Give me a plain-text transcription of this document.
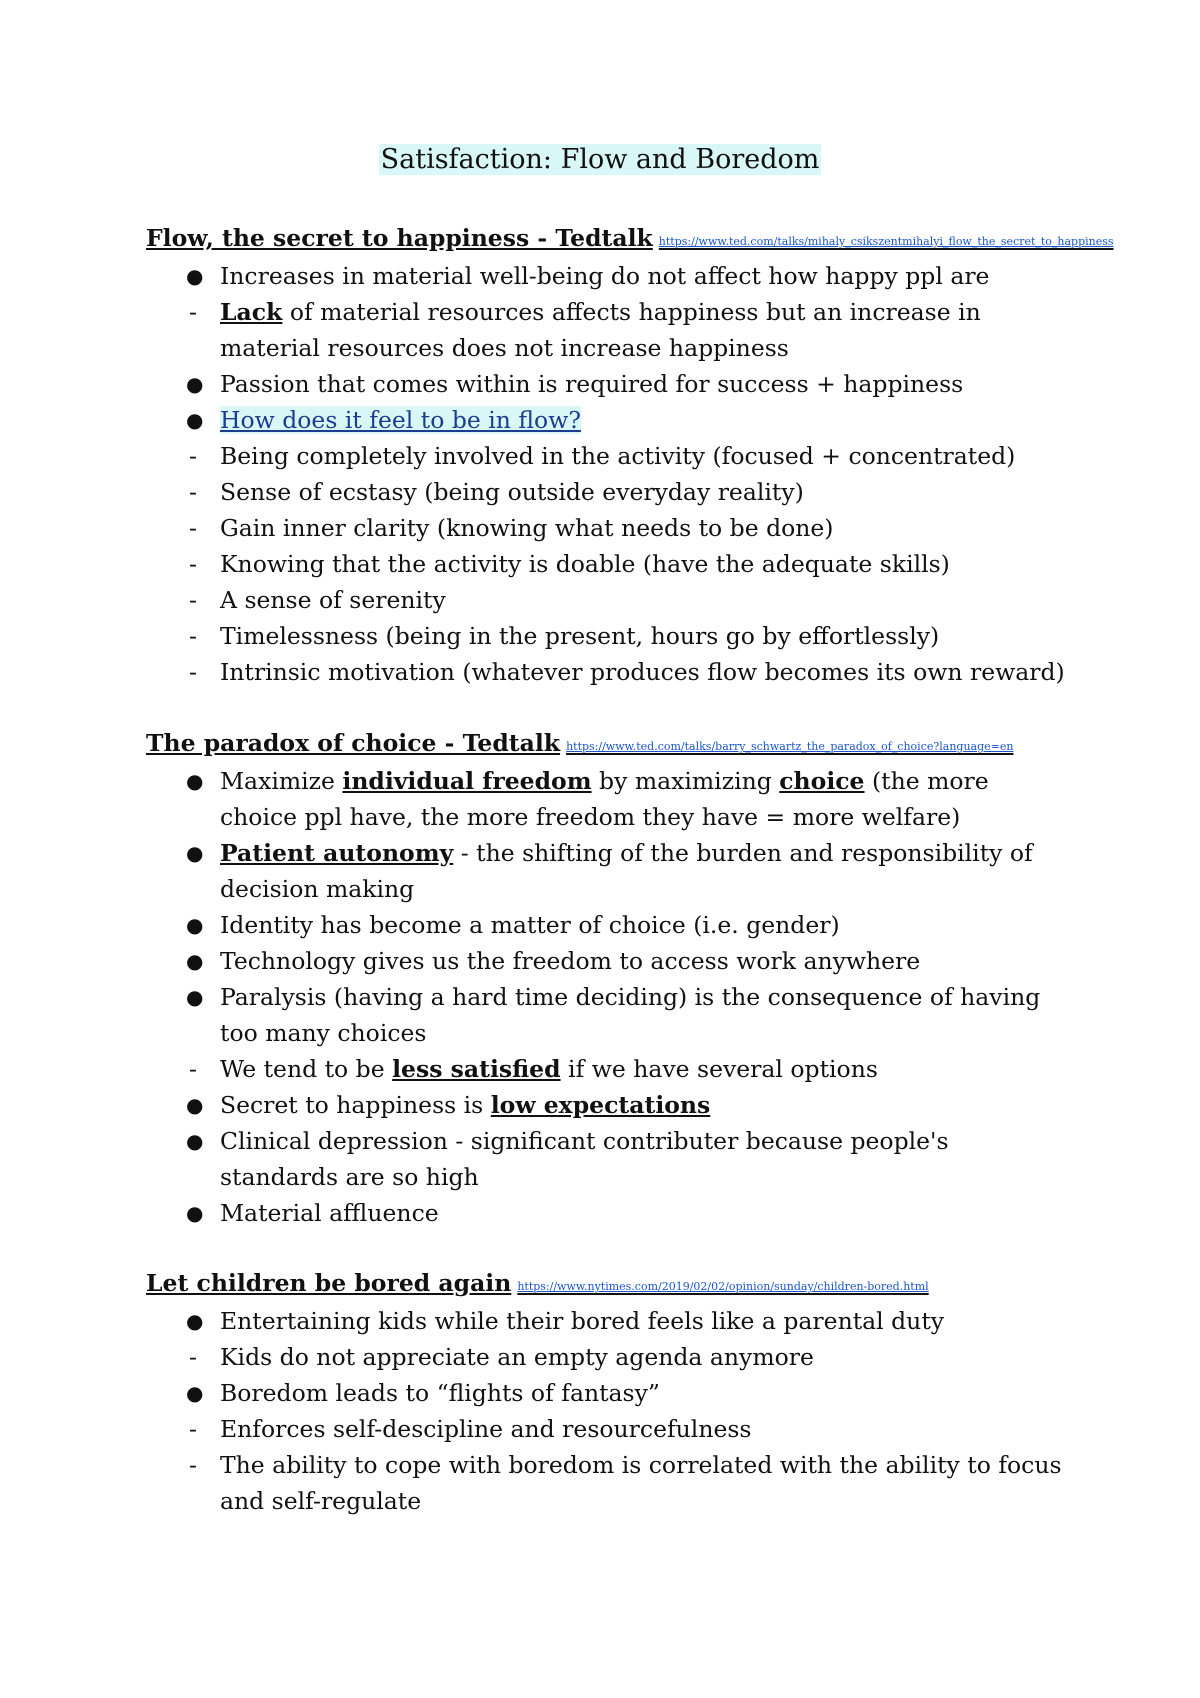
Satisfaction: Flow and Boredom
Flow, the secret to happiness - Tedtalk https://www.ted.com/talks/mihaly_csikszentmihalyi_flow_the_secret_to_happiness
● Increases in material well-being do not affect how happy ppl are
- Lack of material resources affects happiness but an increase in material resources does not increase happiness
● Passion that comes within is required for success + happiness
● How does it feel to be in flow?
- Being completely involved in the activity (focused + concentrated)
- Sense of ecstasy (being outside everyday reality)
- Gain inner clarity (knowing what needs to be done)
- Knowing that the activity is doable (have the adequate skills)
- A sense of serenity
- Timelessness (being in the present, hours go by effortlessly)
- Intrinsic motivation (whatever produces flow becomes its own reward)
The paradox of choice - Tedtalk https://www.ted.com/talks/barry_schwartz_the_paradox_of_choice?language=en
● Maximize individual freedom by maximizing choice (the more choice ppl have, the more freedom they have = more welfare)
● Patient autonomy - the shifting of the burden and responsibility of decision making
● Identity has become a matter of choice (i.e. gender)
● Technology gives us the freedom to access work anywhere
● Paralysis (having a hard time deciding) is the consequence of having too many choices
- We tend to be less satisfied if we have several options
● Secret to happiness is low expectations
● Clinical depression - significant contributer because people's standards are so high
● Material affluence
Let children be bored again https://www.nytimes.com/2019/02/02/opinion/sunday/children-bored.html
● Entertaining kids while their bored feels like a parental duty
- Kids do not appreciate an empty agenda anymore
● Boredom leads to “flights of fantasy”
- Enforces self-descipline and resourcefulness
- The ability to cope with boredom is correlated with the ability to focus and self-regulate
